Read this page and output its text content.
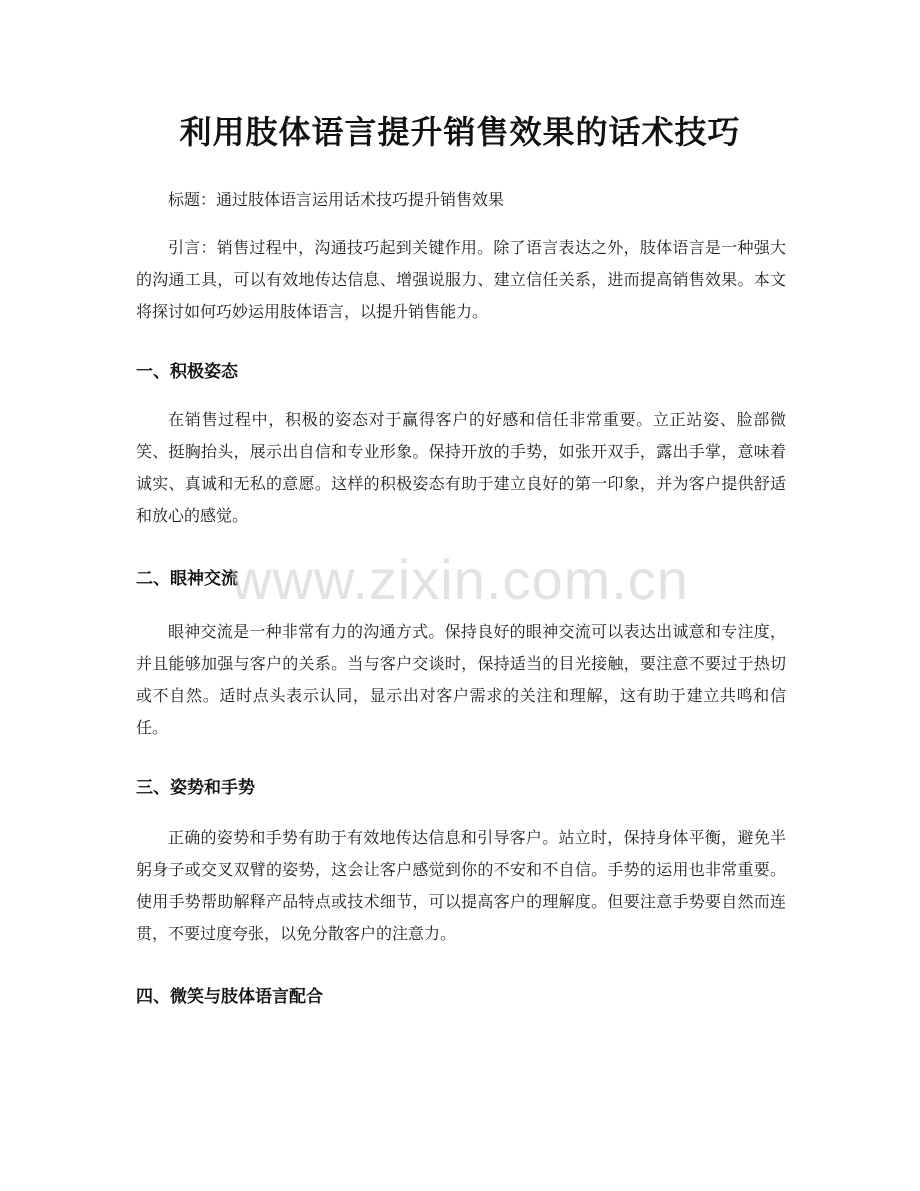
利用肢体语言提升销售效果的话术技巧

标题：通过肢体语言运用话术技巧提升销售效果

引言：销售过程中，沟通技巧起到关键作用。除了语言表达之外，肢体语言是一种强大的沟通工具，可以有效地传达信息、增强说服力、建立信任关系，进而提高销售效果。本文将探讨如何巧妙运用肢体语言，以提升销售能力。

一、积极姿态

在销售过程中，积极的姿态对于赢得客户的好感和信任非常重要。立正站姿、脸部微笑、挺胸抬头，展示出自信和专业形象。保持开放的手势，如张开双手，露出手掌，意味着诚实、真诚和无私的意愿。这样的积极姿态有助于建立良好的第一印象，并为客户提供舒适和放心的感觉。

二、眼神交流

眼神交流是一种非常有力的沟通方式。保持良好的眼神交流可以表达出诚意和专注度，并且能够加强与客户的关系。当与客户交谈时，保持适当的目光接触，要注意不要过于热切或不自然。适时点头表示认同，显示出对客户需求的关注和理解，这有助于建立共鸣和信任。

三、姿势和手势

正确的姿势和手势有助于有效地传达信息和引导客户。站立时，保持身体平衡，避免半躬身子或交叉双臂的姿势，这会让客户感觉到你的不安和不自信。手势的运用也非常重要。使用手势帮助解释产品特点或技术细节，可以提高客户的理解度。但要注意手势要自然而连贯，不要过度夸张，以免分散客户的注意力。

四、微笑与肢体语言配合
www.zixin.com.cn
